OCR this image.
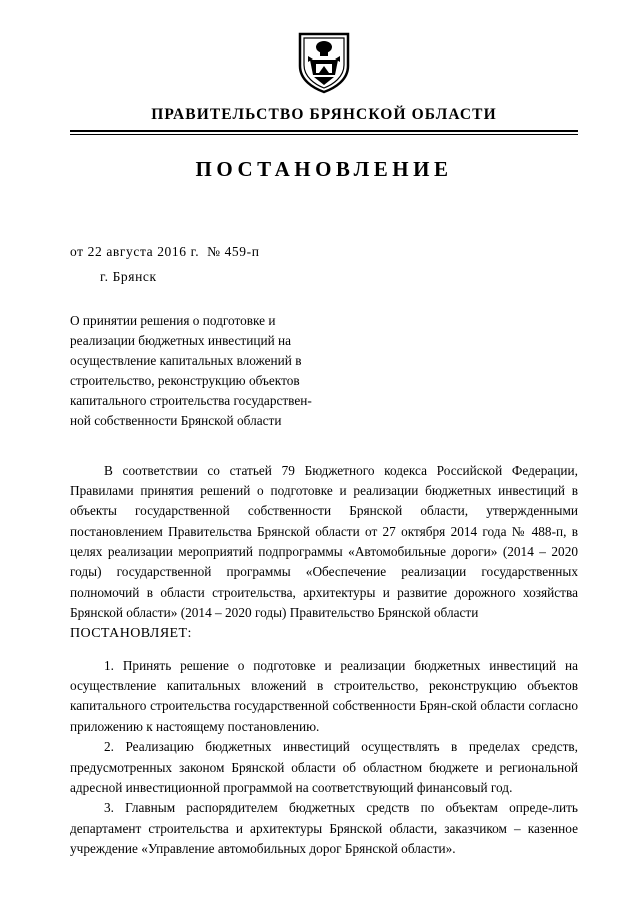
ПРАВИТЕЛЬСТВО БРЯНСКОЙ ОБЛАСТИ
ПОСТАНОВЛЕНИЕ
от 22 августа 2016 г.  № 459-п
г. Брянск
О принятии решения о подготовке и
реализации бюджетных инвестиций на
осуществление капитальных вложений в
строительство, реконструкцию объектов
капитального строительства государствен-
ной собственности Брянской области

В соответствии со статьей 79 Бюджетного кодекса Российской Федерации, Правилами принятия решений о подготовке и реализации бюджетных инвестиций в объекты государственной собственности Брянской области, утвержденными постановлением Правительства Брянской области от 27 октября 2014 года № 488-п, в целях реализации мероприятий подпрограммы «Автомобильные дороги» (2014 – 2020 годы) государственной программы «Обеспечение реализации государственных полномочий в области строительства, архитектуры и развитие дорожного хозяйства Брянской области» (2014 – 2020 годы) Правительство Брянской области

ПОСТАНОВЛЯЕТ:

1. Принять решение о подготовке и реализации бюджетных инвестиций на осуществление капитальных вложений в строительство, реконструкцию объектов капитального строительства государственной собственности Брян-ской области согласно приложению к настоящему постановлению.

2. Реализацию бюджетных инвестиций осуществлять в пределах средств, предусмотренных законом Брянской области об областном бюджете и региональной адресной инвестиционной программой на соответствующий финансовый год.

3. Главным распорядителем бюджетных средств по объектам опреде-лить департамент строительства и архитектуры Брянской области, заказчиком – казенное учреждение «Управление автомобильных дорог Брянской области».
